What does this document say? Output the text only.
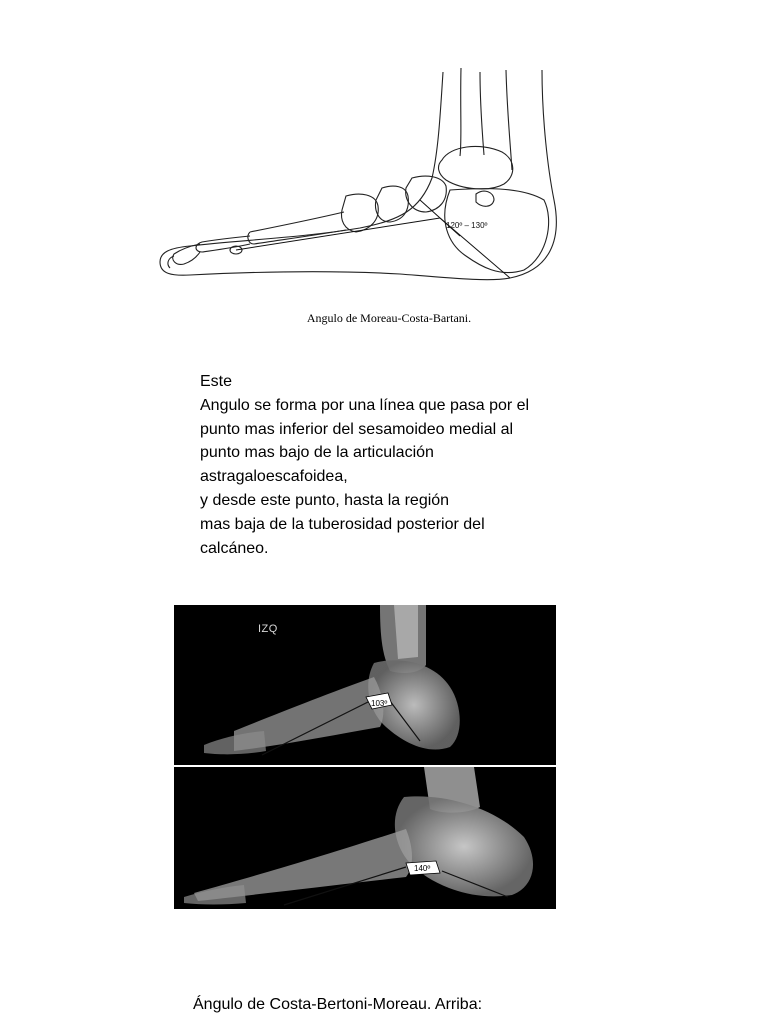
120º – 130º
Angulo de Moreau-Costa-Bartani.
Este
Angulo se forma por una línea que pasa por el
punto mas inferior del sesamoideo medial al
punto mas bajo de la articulación
astragaloescafoidea,
y desde este punto, hasta la región
mas baja de la tuberosidad posterior del
calcáneo.
103º
IZQ
140º
Ángulo de Costa-Bertoni-Moreau. Arriba:
